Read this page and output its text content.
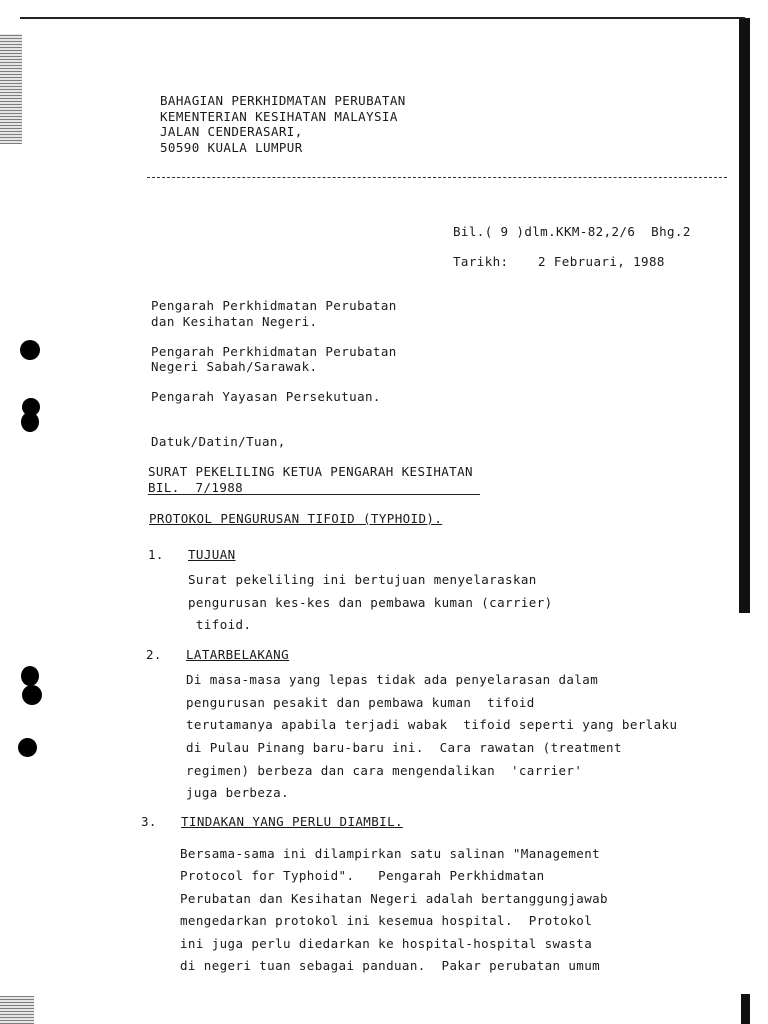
BAHAGIAN PERKHIDMATAN PERUBATAN
KEMENTERIAN KESIHATAN MALAYSIA
JALAN CENDERASARI,
50590 KUALA LUMPUR
Bil.( 9 )dlm.KKM-82,2/6  Bhg.2
Tarikh: 2 Februari, 1988
Pengarah Perkhidmatan Perubatan
dan Kesihatan Negeri.
Pengarah Perkhidmatan Perubatan
Negeri Sabah/Sarawak.
Pengarah Yayasan Persekutuan.
Datuk/Datin/Tuan,
SURAT PEKELILING KETUA PENGARAH KESIHATAN
BIL.  7/1988
PROTOKOL PENGURUSAN TIFOID (TYPHOID).
1. TUJUAN
Surat pekeliling ini bertujuan menyelaraskan
pengurusan kes-kes dan pembawa kuman (carrier)
tifoid.
2. LATARBELAKANG
Di masa-masa yang lepas tidak ada penyelarasan dalam
pengurusan pesakit dan pembawa kuman  tifoid
terutamanya apabila terjadi wabak  tifoid seperti yang berlaku
di Pulau Pinang baru-baru ini.  Cara rawatan (treatment
regimen) berbeza dan cara mengendalikan  'carrier'
juga berbeza.
3. TINDAKAN YANG PERLU DIAMBIL.
Bersama-sama ini dilampirkan satu salinan "Management
Protocol for Typhoid".   Pengarah Perkhidmatan
Perubatan dan Kesihatan Negeri adalah bertanggungjawab
mengedarkan protokol ini kesemua hospital.  Protokol
ini juga perlu diedarkan ke hospital-hospital swasta
di negeri tuan sebagai panduan.  Pakar perubatan umum
